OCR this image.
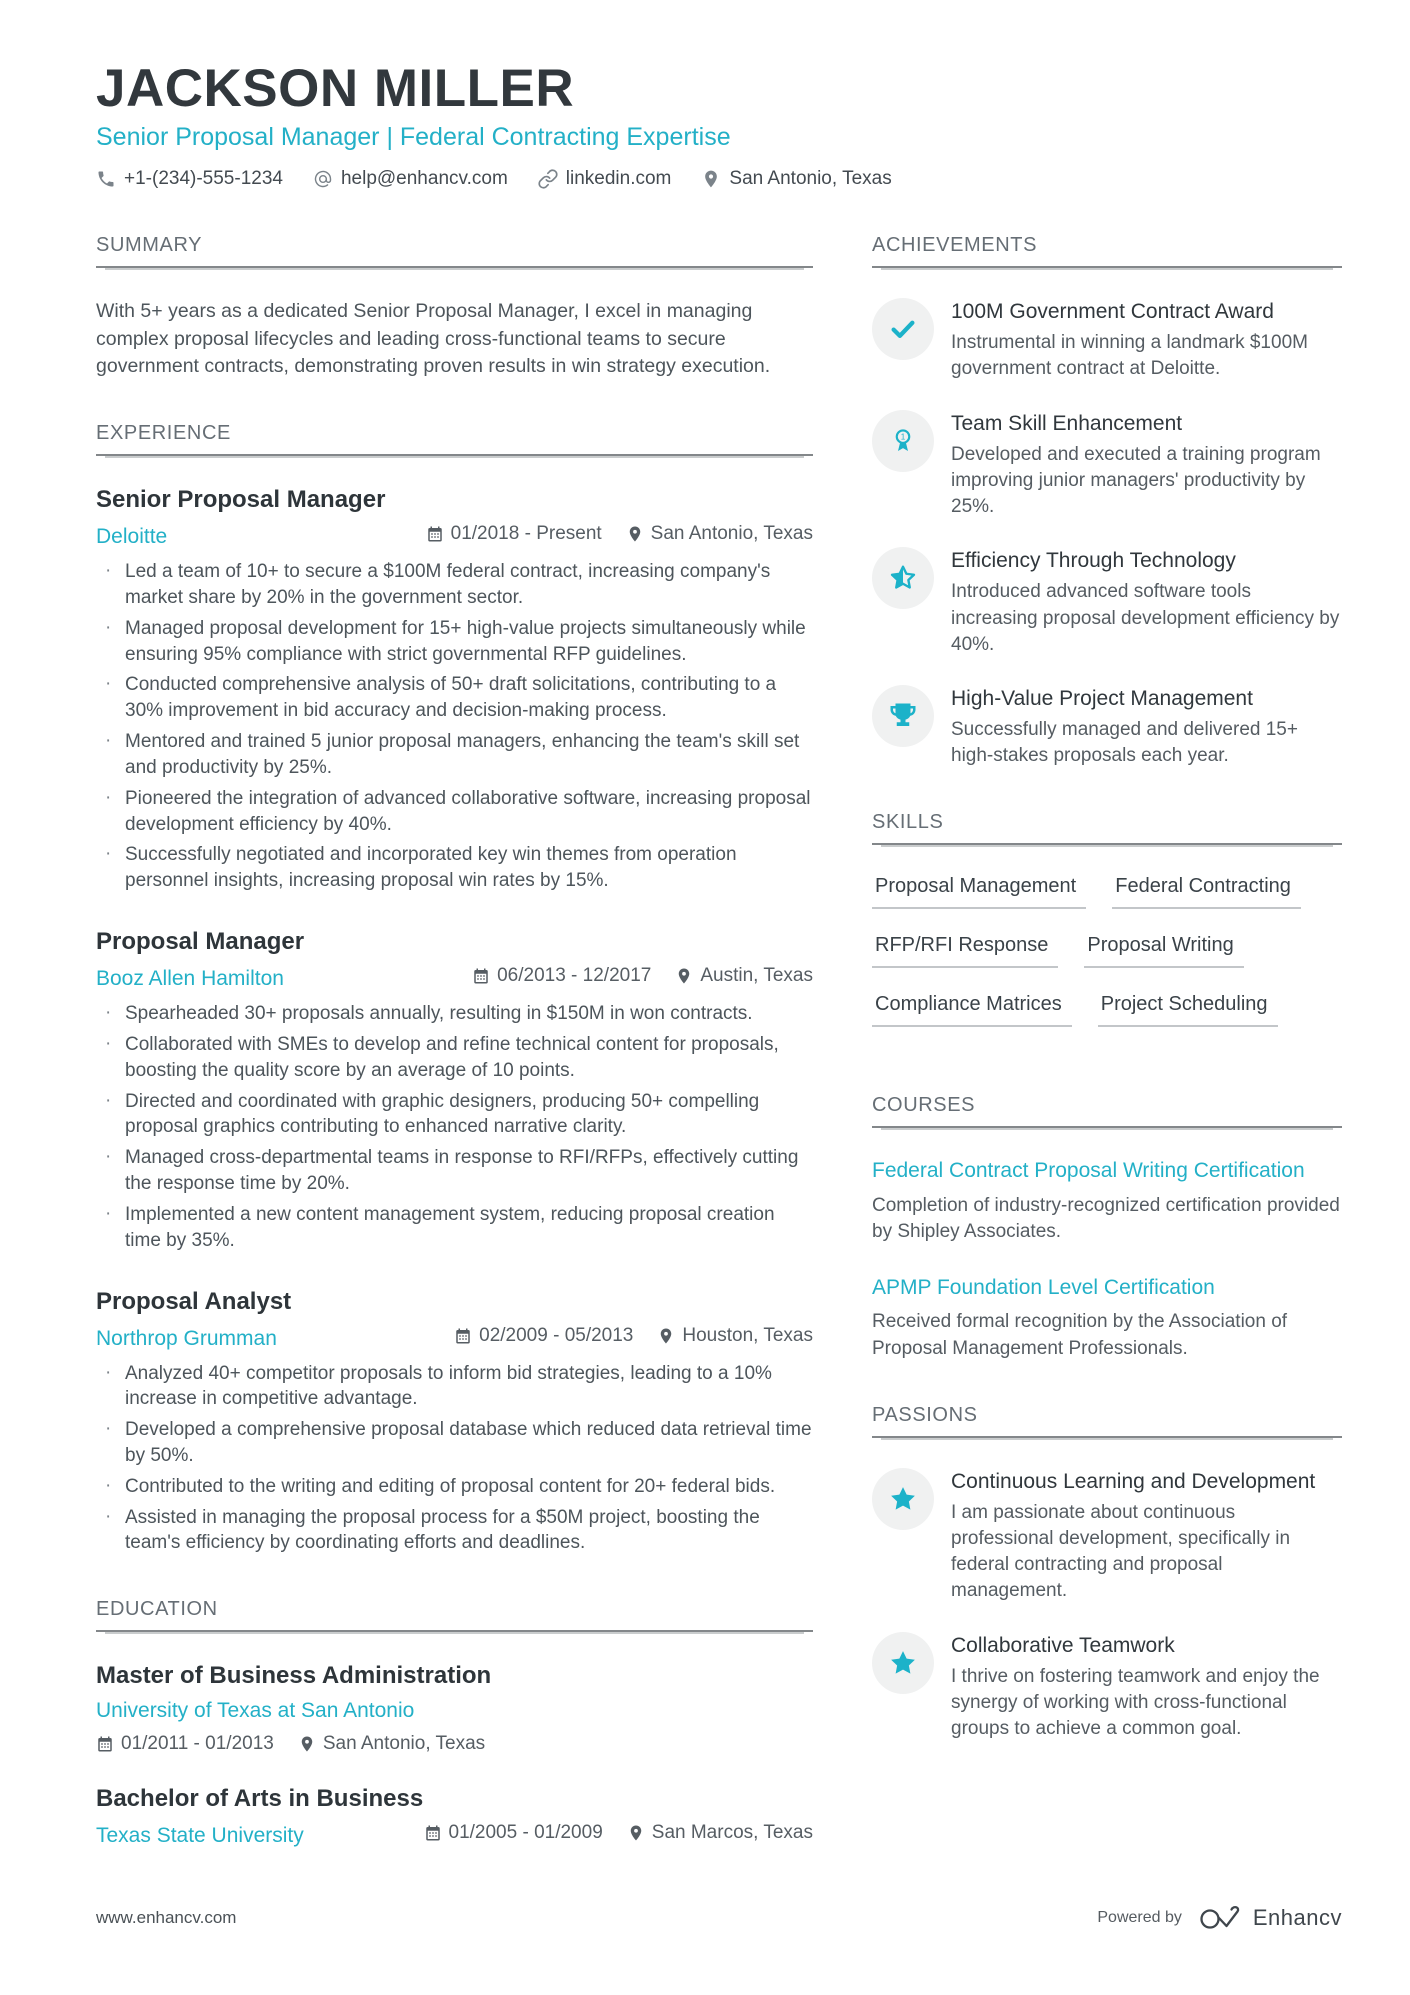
JACKSON MILLER
Senior Proposal Manager | Federal Contracting Expertise
+1-(234)-555-1234	help@enhancv.com	linkedin.com	San Antonio, Texas
SUMMARY
With 5+ years as a dedicated Senior Proposal Manager, I excel in managing complex proposal lifecycles and leading cross-functional teams to secure government contracts, demonstrating proven results in win strategy execution.
EXPERIENCE
Senior Proposal Manager
Deloitte	01/2018 - Present	San Antonio, Texas
· Led a team of 10+ to secure a $100M federal contract, increasing company's market share by 20% in the government sector.
· Managed proposal development for 15+ high-value projects simultaneously while ensuring 95% compliance with strict governmental RFP guidelines.
· Conducted comprehensive analysis of 50+ draft solicitations, contributing to a 30% improvement in bid accuracy and decision-making process.
· Mentored and trained 5 junior proposal managers, enhancing the team's skill set and productivity by 25%.
· Pioneered the integration of advanced collaborative software, increasing proposal development efficiency by 40%.
· Successfully negotiated and incorporated key win themes from operation personnel insights, increasing proposal win rates by 15%.
Proposal Manager
Booz Allen Hamilton	06/2013 - 12/2017	Austin, Texas
· Spearheaded 30+ proposals annually, resulting in $150M in won contracts.
· Collaborated with SMEs to develop and refine technical content for proposals, boosting the quality score by an average of 10 points.
· Directed and coordinated with graphic designers, producing 50+ compelling proposal graphics contributing to enhanced narrative clarity.
· Managed cross-departmental teams in response to RFI/RFPs, effectively cutting the response time by 20%.
· Implemented a new content management system, reducing proposal creation time by 35%.
Proposal Analyst
Northrop Grumman	02/2009 - 05/2013	Houston, Texas
· Analyzed 40+ competitor proposals to inform bid strategies, leading to a 10% increase in competitive advantage.
· Developed a comprehensive proposal database which reduced data retrieval time by 50%.
· Contributed to the writing and editing of proposal content for 20+ federal bids.
· Assisted in managing the proposal process for a $50M project, boosting the team's efficiency by coordinating efforts and deadlines.
EDUCATION
Master of Business Administration
University of Texas at San Antonio
01/2011 - 01/2013	San Antonio, Texas
Bachelor of Arts in Business
Texas State University	01/2005 - 01/2009	San Marcos, Texas
ACHIEVEMENTS
100M Government Contract Award
Instrumental in winning a landmark $100M government contract at Deloitte.
1
Team Skill Enhancement
Developed and executed a training program improving junior managers' productivity by 25%.
Efficiency Through Technology
Introduced advanced software tools increasing proposal development efficiency by 40%.
High-Value Project Management
Successfully managed and delivered 15+ high-stakes proposals each year.
SKILLS
Proposal Management	Federal Contracting
RFP/RFI Response	Proposal Writing
Compliance Matrices	Project Scheduling
COURSES
Federal Contract Proposal Writing Certification
Completion of industry-recognized certification provided by Shipley Associates.
APMP Foundation Level Certification
Received formal recognition by the Association of Proposal Management Professionals.
PASSIONS
Continuous Learning and Development
I am passionate about continuous professional development, specifically in federal contracting and proposal management.
Collaborative Teamwork
I thrive on fostering teamwork and enjoy the synergy of working with cross-functional groups to achieve a common goal.
www.enhancv.com	Powered by	Enhancv
